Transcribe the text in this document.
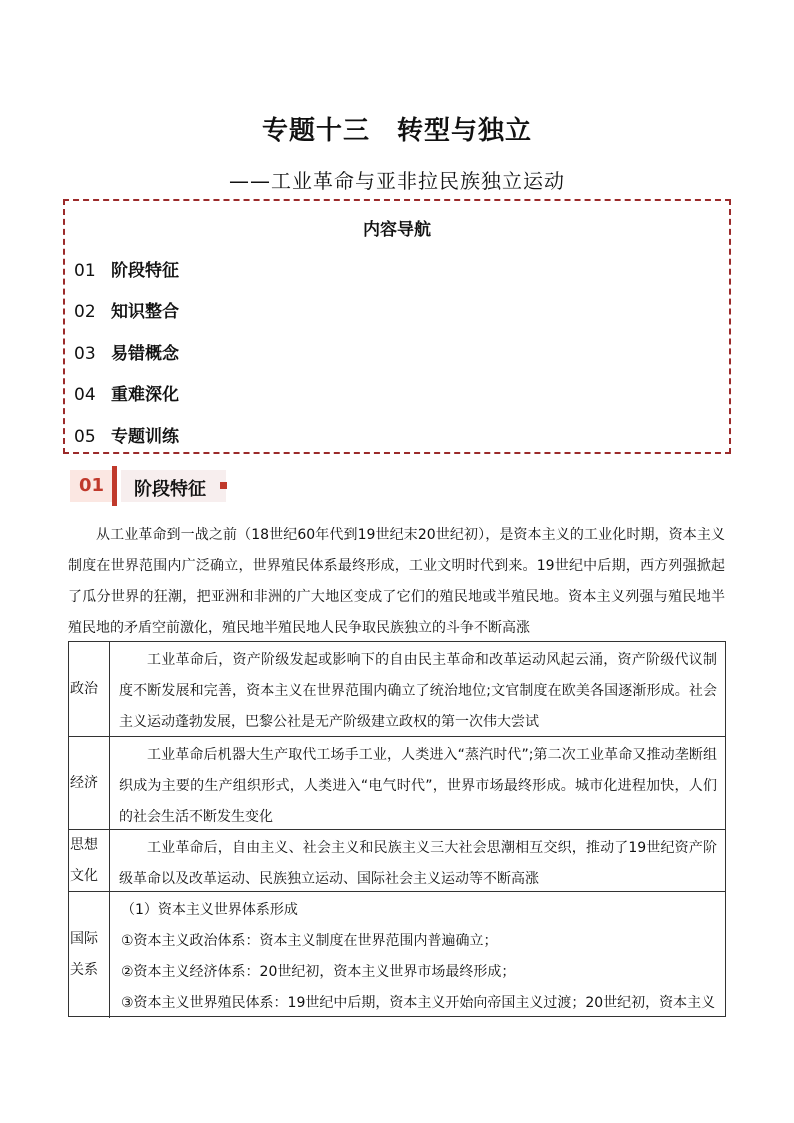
专题十三　转型与独立
——工业革命与亚非拉民族独立运动
内容导航
01 阶段特征
02 知识整合
03 易错概念
04 重难深化
05 专题训练
01 阶段特征

从工业革命到一战之前（18世纪60年代到19世纪末20世纪初），是资本主义的工业化时期，资本主义制度在世界范围内广泛确立，世界殖民体系最终形成，工业文明时代到来。19世纪中后期，西方列强掀起了瓜分世界的狂潮，把亚洲和非洲的广大地区变成了它们的殖民地或半殖民地。资本主义列强与殖民地半殖民地的矛盾空前激化，殖民地半殖民地人民争取民族独立的斗争不断高涨

政治
工业革命后，资产阶级发起或影响下的自由民主革命和改革运动风起云涌，资产阶级代议制度不断发展和完善，资本主义在世界范围内确立了统治地位;文官制度在欧美各国逐渐形成。社会主义运动蓬勃发展，巴黎公社是无产阶级建立政权的第一次伟大尝试
经济
工业革命后机器大生产取代工场手工业，人类进入“蒸汽时代”;第二次工业革命又推动垄断组织成为主要的生产组织形式，人类进入“电气时代”，世界市场最终形成。城市化进程加快，人们的社会生活不断发生变化
思想
文化
工业革命后，自由主义、社会主义和民族主义三大社会思潮相互交织，推动了19世纪资产阶级革命以及改革运动、民族独立运动、国际社会主义运动等不断高涨
国际
关系
（1）资本主义世界体系形成
①资本主义政治体系：资本主义制度在世界范围内普遍确立；
②资本主义经济体系：20世纪初，资本主义世界市场最终形成；
③资本主义世界殖民体系：19世纪中后期，资本主义开始向帝国主义过渡；20世纪初，资本主义
